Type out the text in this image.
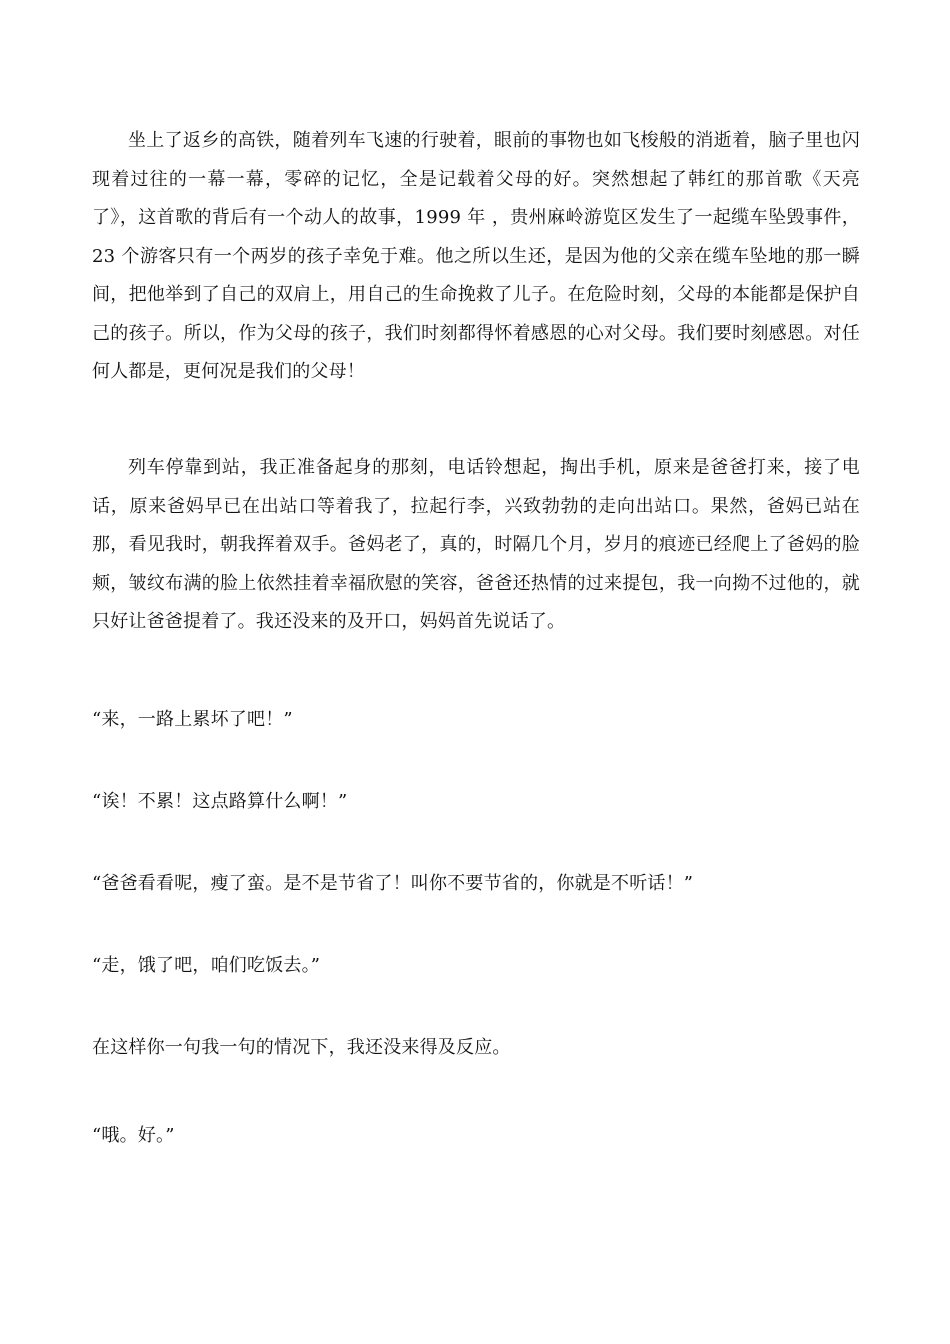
坐上了返乡的高铁，随着列车飞速的行驶着，眼前的事物也如飞梭般的消逝着，脑子里也闪现着过往的一幕一幕，零碎的记忆，全是记载着父母的好。突然想起了韩红的那首歌《天亮了》，这首歌的背后有一个动人的故事，1999 年 ，贵州麻岭游览区发生了一起缆车坠毁事件，23 个游客只有一个两岁的孩子幸免于难。他之所以生还，是因为他的父亲在缆车坠地的那一瞬间，把他举到了自己的双肩上，用自己的生命挽救了儿子。在危险时刻，父母的本能都是保护自己的孩子。所以，作为父母的孩子，我们时刻都得怀着感恩的心对父母。我们要时刻感恩。对任何人都是，更何况是我们的父母！

列车停靠到站，我正准备起身的那刻，电话铃想起，掏出手机，原来是爸爸打来，接了电话，原来爸妈早已在出站口等着我了，拉起行李，兴致勃勃的走向出站口。果然，爸妈已站在那，看见我时，朝我挥着双手。爸妈老了，真的，时隔几个月，岁月的痕迹已经爬上了爸妈的脸颊，皱纹布满的脸上依然挂着幸福欣慰的笑容，爸爸还热情的过来提包，我一向拗不过他的，就只好让爸爸提着了。我还没来的及开口，妈妈首先说话了。

“来，一路上累坏了吧！”
“诶！不累！这点路算什么啊！”
“爸爸看看呢，瘦了蛮。是不是节省了！叫你不要节省的，你就是不听话！”
“走，饿了吧，咱们吃饭去。”
在这样你一句我一句的情况下，我还没来得及反应。
“哦。好。”
